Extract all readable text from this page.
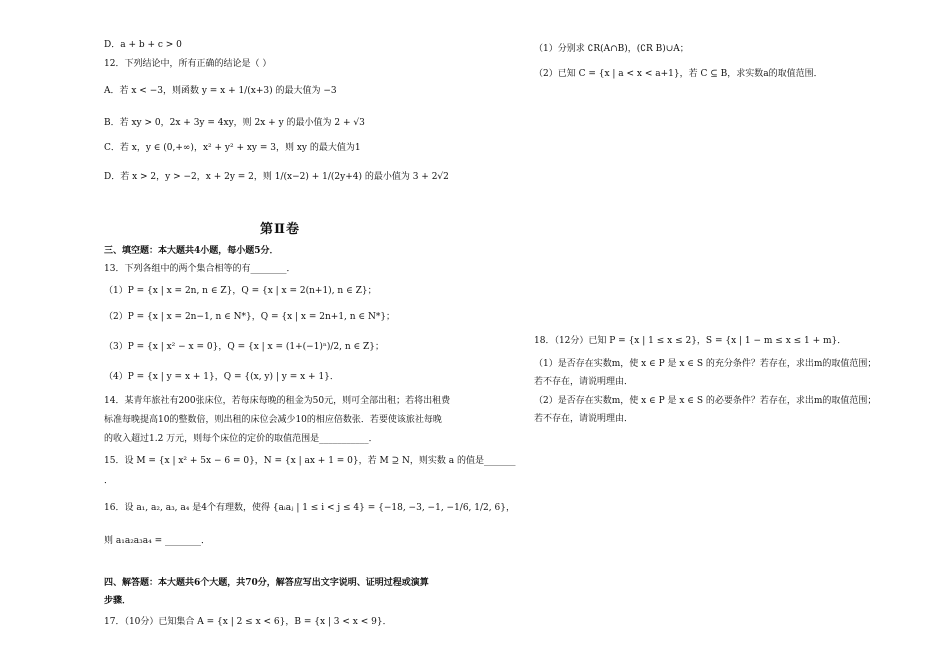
D．a + b + c > 0
12．下列结论中，所有正确的结论是（ ）
A．若 x < −3，则函数 y = x + 1/(x+3) 的最大值为 −3
B．若 xy > 0，2x + 3y = 4xy，则 2x + y 的最小值为 2 + √3
C．若 x，y ∈ (0,+∞)，x² + y² + xy = 3，则 xy 的最大值为1
D．若 x > 2，y > −2，x + 2y = 2，则 1/(x−2) + 1/(2y+4) 的最小值为 3 + 2√2
第Ⅱ卷
三、填空题：本大题共4小题，每小题5分．
13．下列各组中的两个集合相等的有________．
（1）P = {x | x = 2n, n ∈ Z}，Q = {x | x = 2(n+1), n ∈ Z}；
（2）P = {x | x = 2n−1, n ∈ N*}，Q = {x | x = 2n+1, n ∈ N*}；
（3）P = {x | x² − x = 0}，Q = {x | x = (1+(−1)ⁿ)/2, n ∈ Z}；
（4）P = {x | y = x + 1}，Q = {(x, y) | y = x + 1}．
14．某青年旅社有200张床位，若每床每晚的租金为50元，则可全部出租；若将出租费
标准每晚提高10的整数倍，则出租的床位会减少10的相应倍数张．若要使该旅社每晚
的收入超过1.2 万元，则每个床位的定价的取值范围是___________．
15．设 M = {x | x² + 5x − 6 = 0}，N = {x | ax + 1 = 0}，若 M ⊇ N，则实数 a 的值是_______
．
16．设 a₁, a₂, a₃, a₄ 是4个有理数，使得 {aᵢaⱼ | 1 ≤ i < j ≤ 4} = {−18, −3, −1, −1/6, 1/2, 6}，
则 a₁a₂a₃a₄ = ________．
四、解答题：本大题共6个大题，共70分，解答应写出文字说明、证明过程或演算
步骤．
17．（10分）已知集合 A = {x | 2 ≤ x < 6}，B = {x | 3 < x < 9}．
（1）分别求 ∁R(A∩B)，(∁R B)∪A；
（2）已知 C = {x | a < x < a+1}，若 C ⊆ B，求实数a的取值范围．
18．（12分）已知 P = {x | 1 ≤ x ≤ 2}，S = {x | 1 − m ≤ x ≤ 1 + m}．
（1）是否存在实数m，使 x ∈ P 是 x ∈ S 的充分条件？若存在，求出m的取值范围；
若不存在，请说明理由．
（2）是否存在实数m，使 x ∈ P 是 x ∈ S 的必要条件？若存在，求出m的取值范围；
若不存在，请说明理由．
